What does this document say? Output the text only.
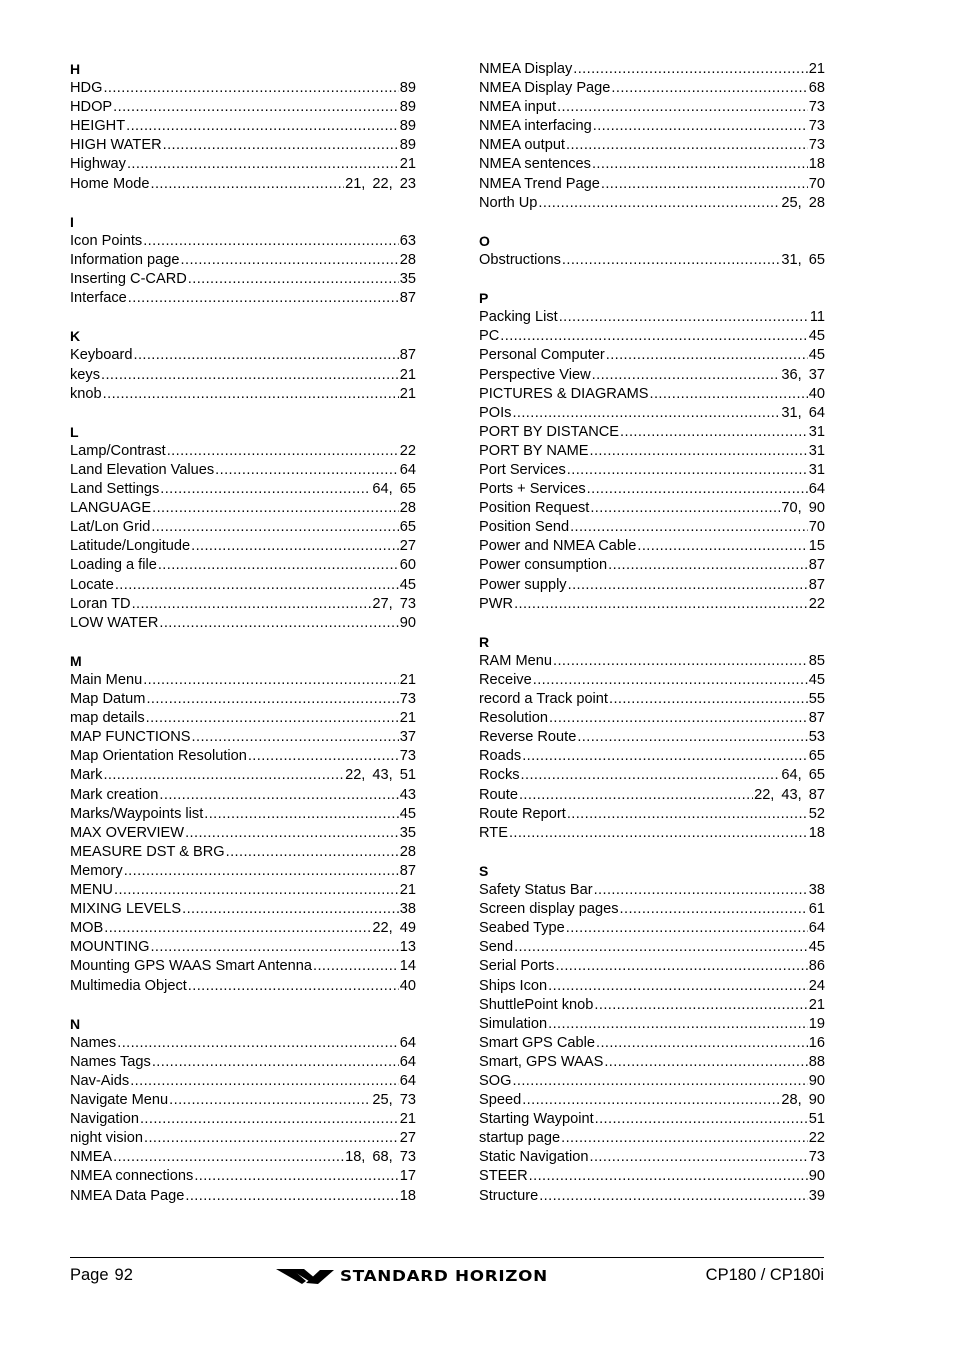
H
HDG .....	89
HDOP .....	89
HEIGHT .....	89
HIGH WATER .....	89
Highway .....	21
Home Mode .....	21, 22, 23
I
Icon Points .....	63
Information page .....	28
Inserting C-CARD .....	35
Interface .....	87
K
Keyboard .....	87
keys .....	21
knob .....	21
L
Lamp/Contrast .....	22
Land Elevation Values .....	64
Land Settings .....	64, 65
LANGUAGE .....	28
Lat/Lon Grid .....	65
Latitude/Longitude .....	27
Loading a file .....	60
Locate .....	45
Loran TD .....	27, 73
LOW WATER .....	90
M
Main Menu .....	21
Map Datum .....	73
map details .....	21
MAP FUNCTIONS .....	37
Map Orientation Resolution .....	73
Mark .....	22, 43, 51
Mark creation .....	43
Marks/Waypoints list .....	45
MAX OVERVIEW .....	35
MEASURE DST & BRG .....	28
Memory .....	87
MENU .....	21
MIXING LEVELS .....	38
MOB .....	22, 49
MOUNTING .....	13
Mounting GPS WAAS Smart Antenna .....	14
Multimedia Object .....	40
N
Names .....	64
Names Tags .....	64
Nav-Aids .....	64
Navigate Menu .....	25, 73
Navigation .....	21
night vision .....	27
NMEA .....	18, 68, 73
NMEA connections .....	17
NMEA Data Page .....	18
NMEA Display .....	21
NMEA Display Page .....	68
NMEA input .....	73
NMEA interfacing .....	73
NMEA output .....	73
NMEA sentences .....	18
NMEA Trend Page .....	70
North Up .....	25, 28
O
Obstructions .....	31, 65
P
Packing List .....	11
PC .....	45
Personal Computer .....	45
Perspective View .....	36, 37
PICTURES & DIAGRAMS .....	40
POIs .....	31, 64
PORT BY DISTANCE .....	31
PORT BY NAME .....	31
Port Services .....	31
Ports + Services .....	64
Position Request .....	70, 90
Position Send .....	70
Power and NMEA Cable .....	15
Power consumption .....	87
Power supply .....	87
PWR .....	22
R
RAM Menu .....	85
Receive .....	45
record a Track point .....	55
Resolution .....	87
Reverse Route .....	53
Roads .....	65
Rocks .....	64, 65
Route .....	22, 43, 87
Route Report .....	52
RTE .....	18
S
Safety Status Bar .....	38
Screen display pages .....	61
Seabed Type .....	64
Send .....	45
Serial Ports .....	86
Ships Icon .....	24
ShuttlePoint knob .....	21
Simulation .....	19
Smart GPS Cable .....	16
Smart, GPS WAAS .....	88
SOG .....	90
Speed .....	28, 90
Starting Waypoint .....	51
startup page .....	22
Static Navigation .....	73
STEER .....	90
Structure .....	39
Page 92	STANDARD HORIZON	CP180 / CP180i
